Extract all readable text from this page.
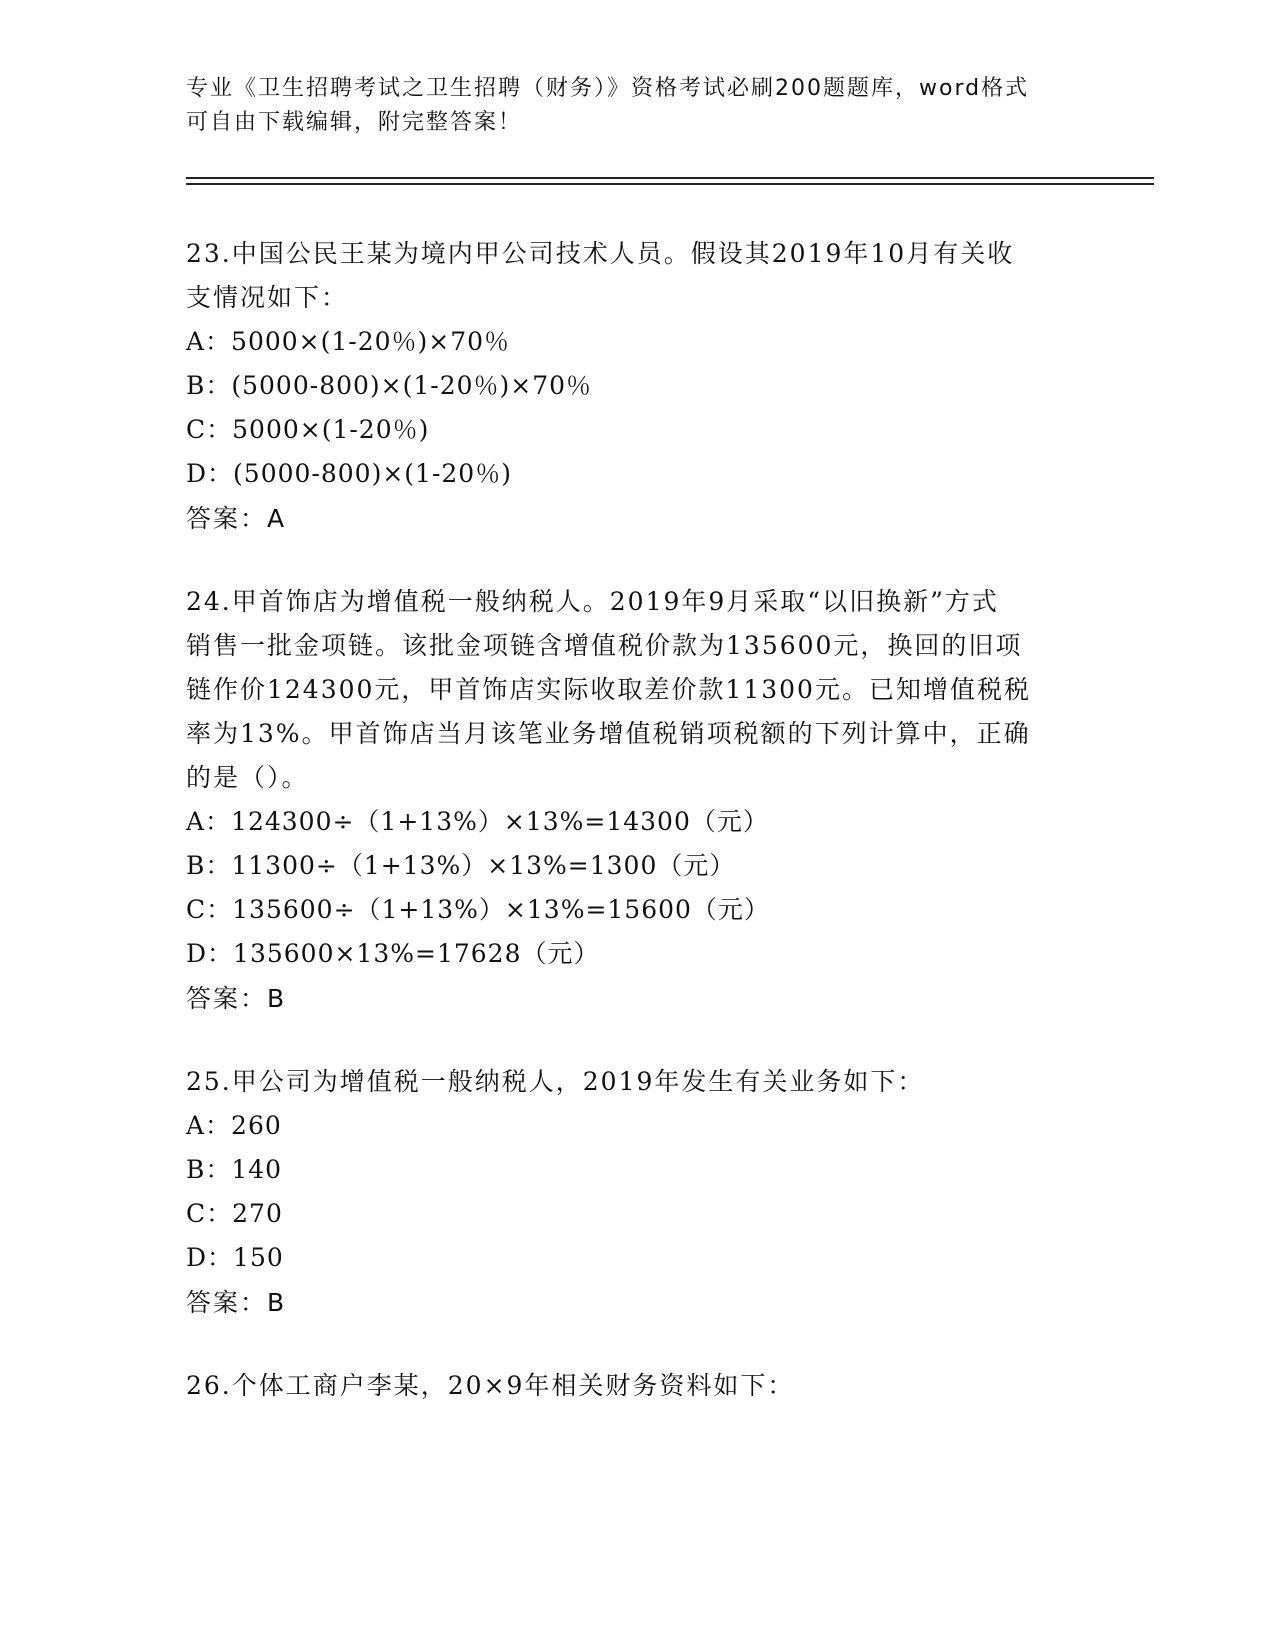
专业《卫生招聘考试之卫生招聘（财务）》资格考试必刷200题题库，word格式
可自由下载编辑，附完整答案！

23.中国公民王某为境内甲公司技术人员。假设其2019年10月有关收

支情况如下：

A：5000×(1-20％)×70％

B：(5000-800)×(1-20％)×70％

C：5000×(1-20％)

D：(5000-800)×(1-20％)

答案：A

24.甲首饰店为增值税一般纳税人。2019年9月采取“以旧换新”方式

销售一批金项链。该批金项链含增值税价款为135600元，换回的旧项

链作价124300元，甲首饰店实际收取差价款11300元。已知增值税税

率为13%。甲首饰店当月该笔业务增值税销项税额的下列计算中，正确

的是（）。

A：124300÷（1+13%）×13%=14300（元）

B：11300÷（1+13%）×13%=1300（元）

C：135600÷（1+13%）×13%=15600（元）

D：135600×13%=17628（元）

答案：B

25.甲公司为增值税一般纳税人，2019年发生有关业务如下：

A：260

B：140

C：270

D：150

答案：B

26.个体工商户李某，20×9年相关财务资料如下：
